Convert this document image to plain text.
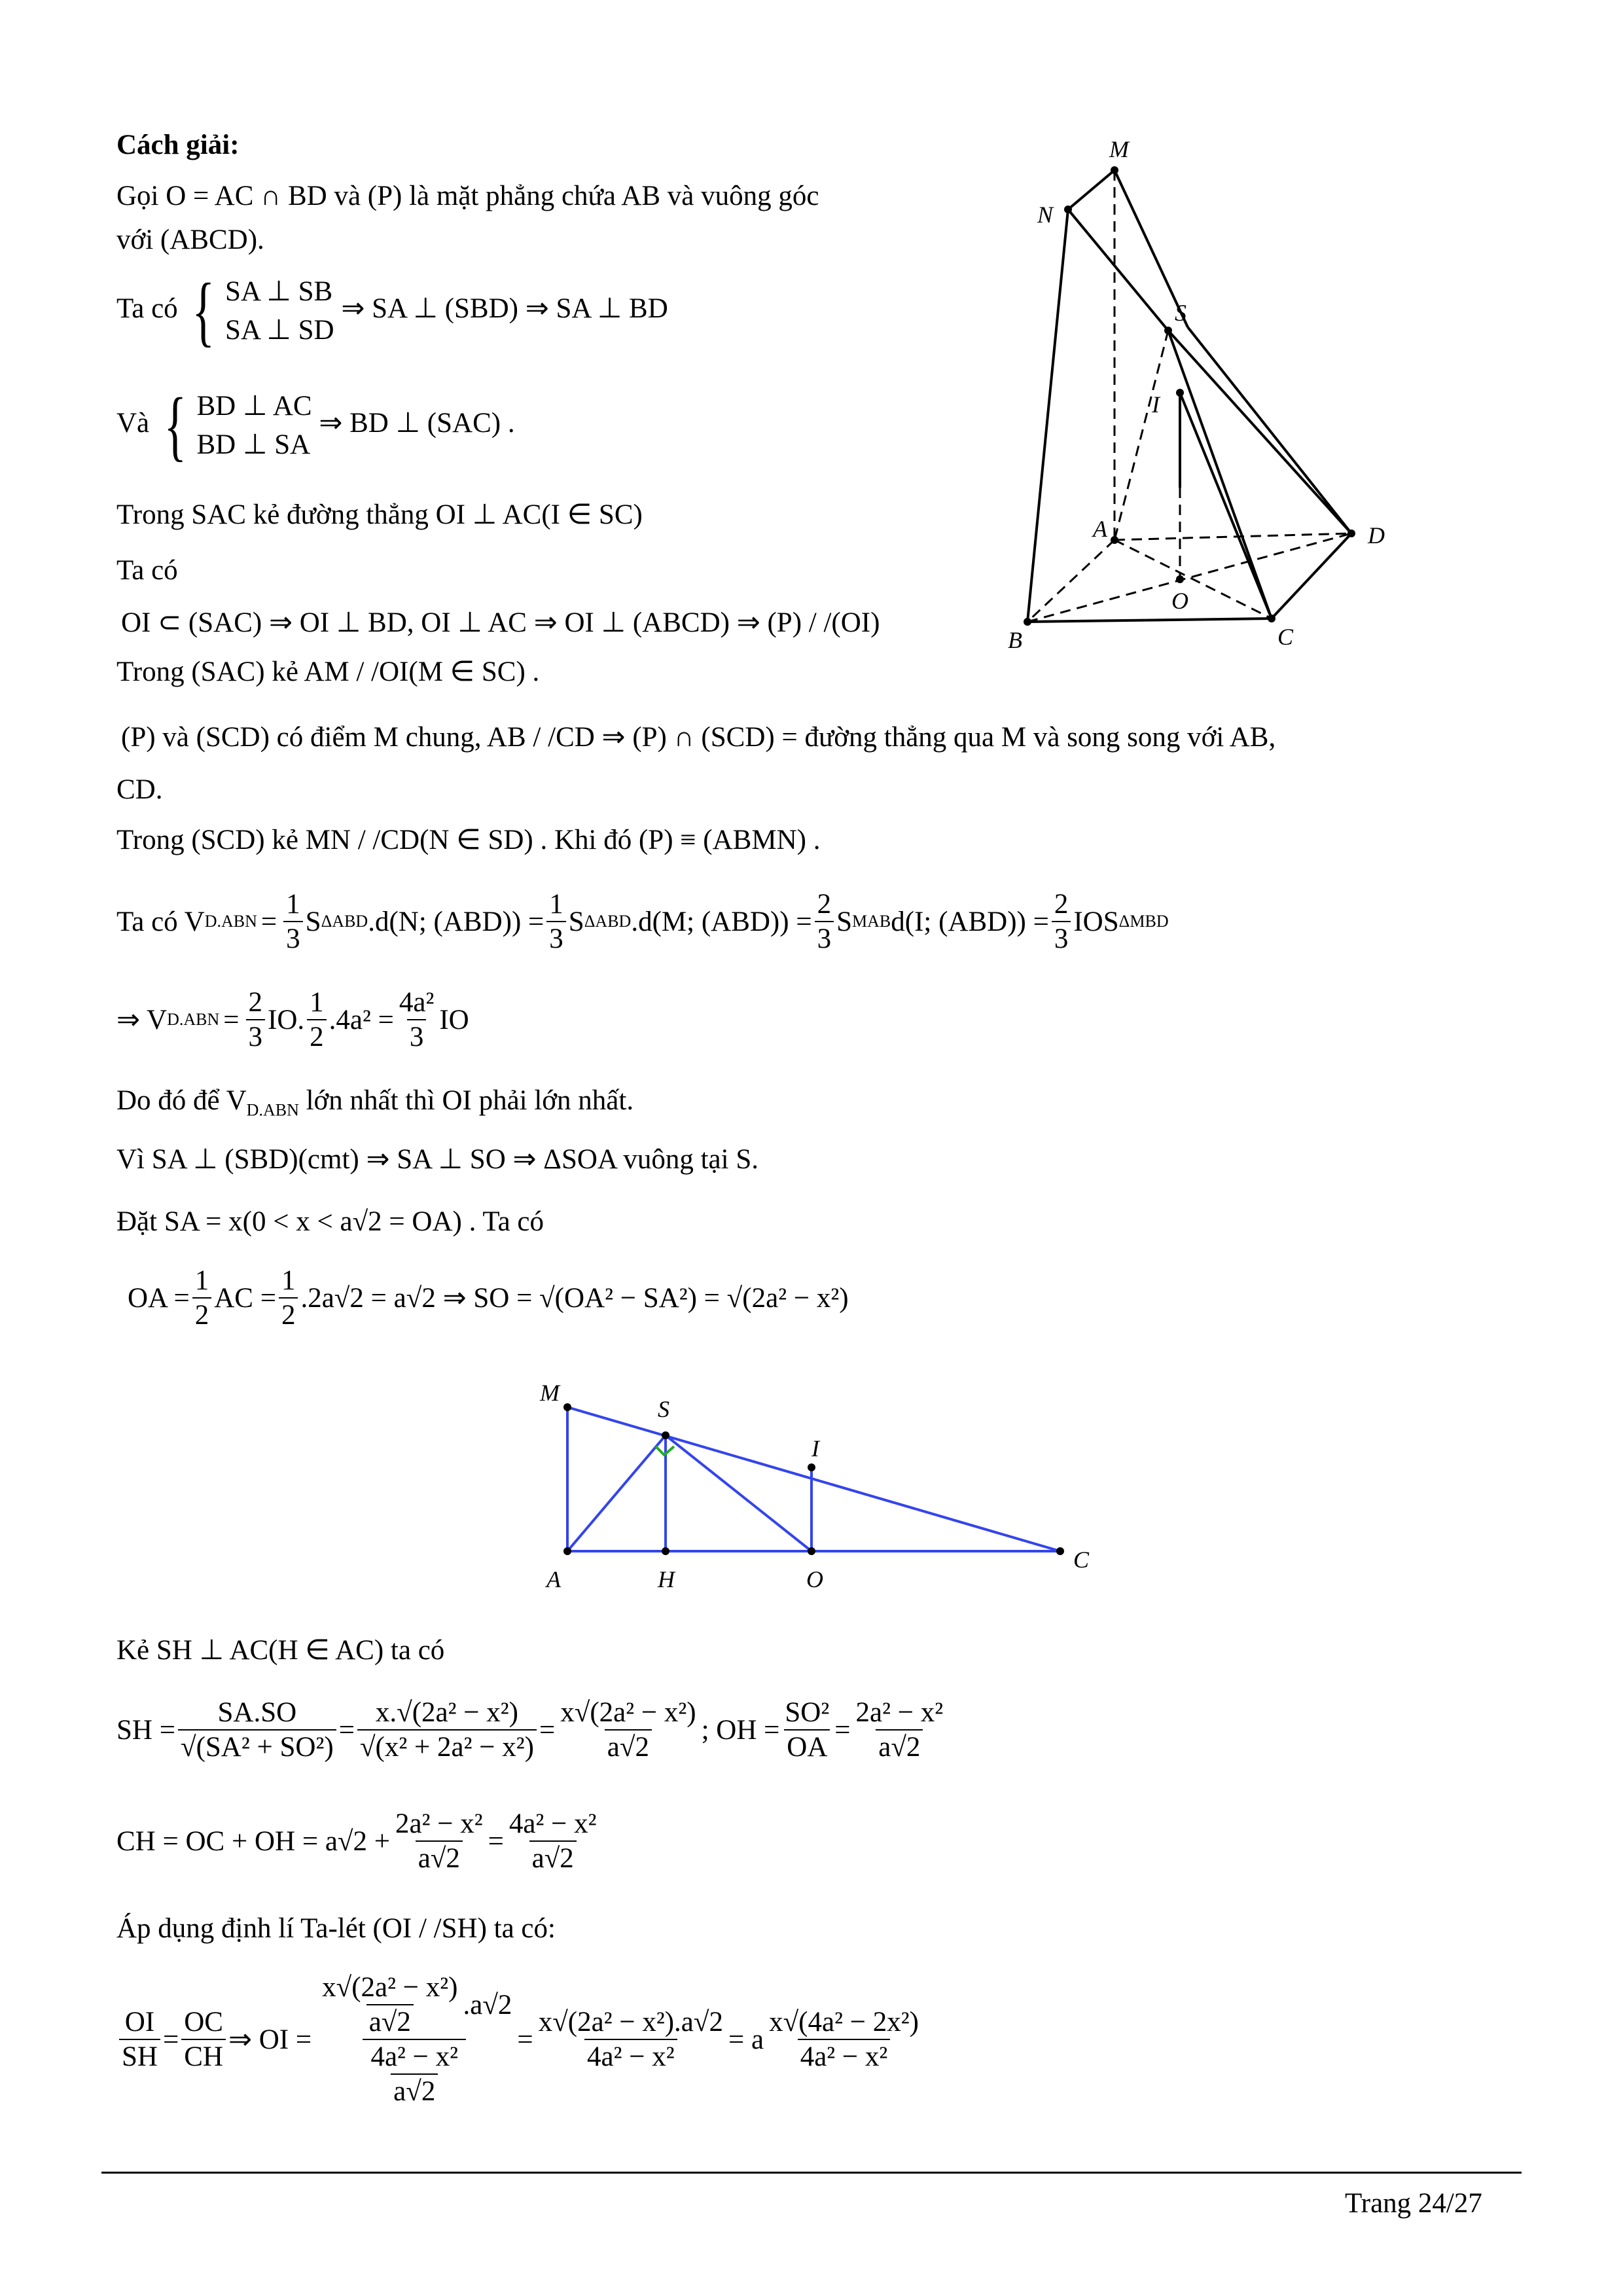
Cách giải:
Gọi O = AC ∩ BD và (P) là mặt phẳng chứa AB và vuông góc
với (ABCD).
Ta có { SA ⊥ SB
SA ⊥ SD
⇒ SA ⊥ (SBD) ⇒ SA ⊥ BD
Và { BD ⊥ AC
BD ⊥ SA
⇒ BD ⊥ (SAC) .
Trong SAC kẻ đường thẳng OI ⊥ AC(I ∈ SC)
Ta có
OI ⊂ (SAC) ⇒ OI ⊥ BD, OI ⊥ AC ⇒ OI ⊥ (ABCD) ⇒ (P) / /(OI)
Trong (SAC) kẻ AM / /OI(M ∈ SC) .
(P) và (SCD) có điểm M chung, AB / /CD ⇒ (P) ∩ (SCD) = đường thẳng qua M và song song với AB,
CD.
Trong (SCD) kẻ MN / /CD(N ∈ SD) . Khi đó (P) ≡ (ABMN) .
Ta có V $D.ABN = \frac{1}{3}$ S ΔABD .d(N; $(ABD)) = \frac{1}{3}$ S ΔABD .d(M; $(ABD)) = \frac{2}{3}$ S MAB d(I; $(ABD)) = \frac{2}{3}$ IOS ΔMBD
⇒ V $D.ABN = \frac{2}{3}$ IO. $\frac{1}{2} .4a^2 = \frac{\text{4a²}}{3}$ IO
Do đó để $V_{D.ABN}$ lớn nhất thì OI phải lớn nhất.
Vì SA ⊥ (SBD)(cmt) ⇒ SA ⊥ SO ⇒ ΔSOA vuông tại S.
Đặt SA = x(0 < x < a√2 = OA) . Ta có
OA = $\frac{1}{2}$ AC = $\frac{1}{2} .2a√2 = a√2$ ⇒ SO = √(OA² − SA²) = √(2a² − x²)
M
N
S
I
A	D
O
B	C
M
S
I
A	H	O
C
Kẻ SH ⊥ AC(H ∈ AC) ta có
SH = $\frac{SA.SO}{\text{√(SA² + SO²)}} = \frac{\text{x.√(2a² − x²)}}{\text{√(x² + 2a² − x²)}} = \frac{\text{x√(2a² − x²)}}{a√2}$ ; OH = $\frac{\text{SO²}}{OA} = \frac{\text{2a² − x²}}{a√2}$
CH = OC + OH = $a√2 + \frac{\text{2a² − x²}}{a√2} = \frac{\text{4a² − x²}}{a√2}$
Áp dụng định lí Ta-lét (OI / /SH) ta có:
$\frac{OI}{SH} = \frac{OC}{CH}$ ⇒ OI = $\frac{\frac{\text{x√(2a² − x²)}}{a√2} .a√2}{\frac{\text{4a² − x²}}{a√2}} = \frac{\text{x√(2a² − x²).a√2}}{\text{4a² − x²}} = a \frac{\text{x√(4a² − 2x²)}}{\text{4a² − x²}}$
Trang 24/27
